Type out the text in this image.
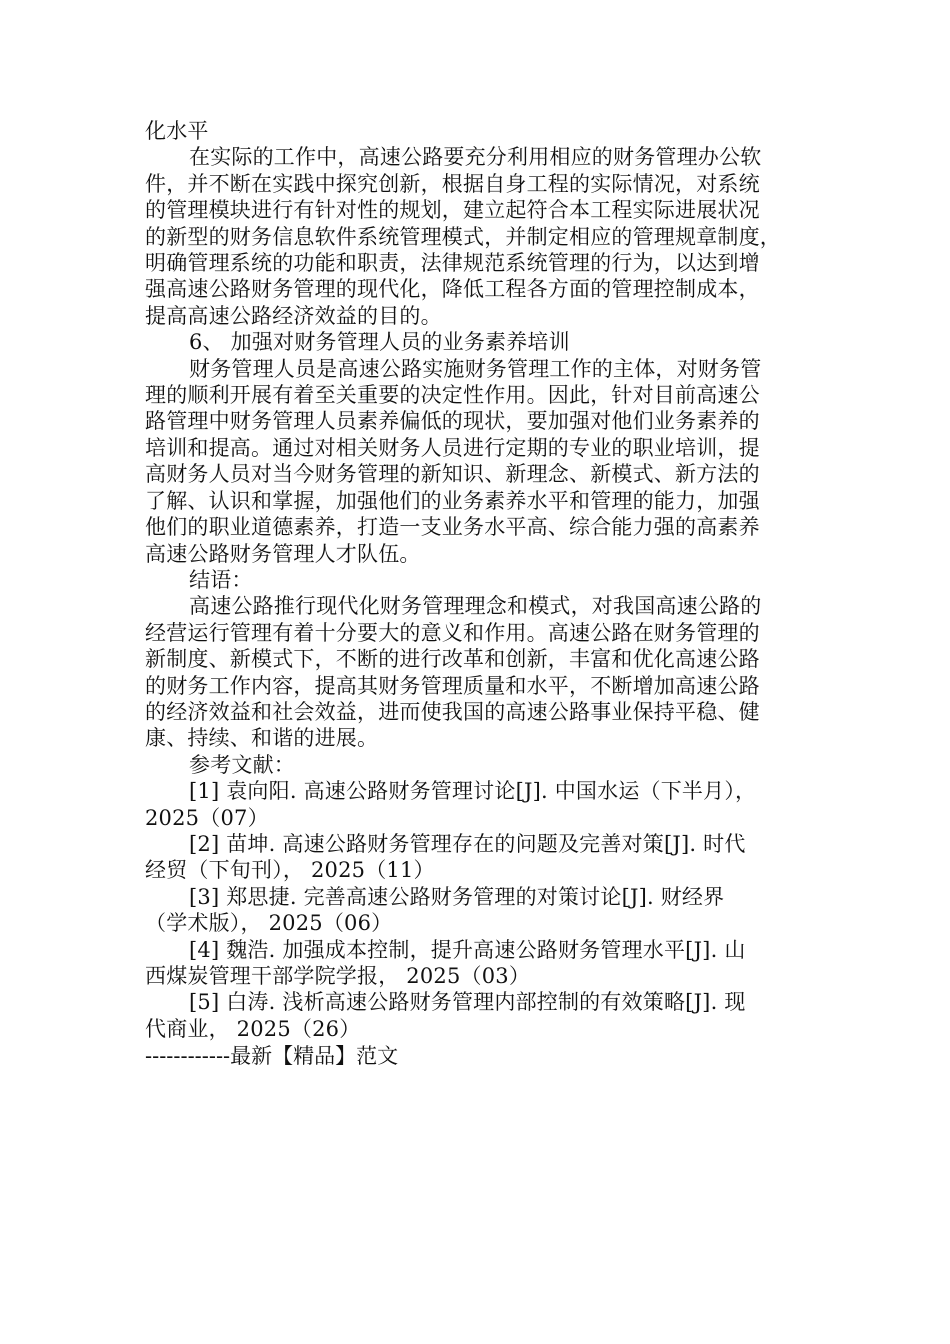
化水平
在实际的工作中，高速公路要充分利用相应的财务管理办公软
件，并不断在实践中探究创新，根据自身工程的实际情况，对系统
的管理模块进行有针对性的规划，建立起符合本工程实际进展状况
的新型的财务信息软件系统管理模式，并制定相应的管理规章制度，
明确管理系统的功能和职责，法律规范系统管理的行为，以达到增
强高速公路财务管理的现代化，降低工程各方面的管理控制成本，
提高高速公路经济效益的目的。
6、 加强对财务管理人员的业务素养培训
财务管理人员是高速公路实施财务管理工作的主体，对财务管
理的顺利开展有着至关重要的决定性作用。因此，针对目前高速公
路管理中财务管理人员素养偏低的现状，要加强对他们业务素养的
培训和提高。通过对相关财务人员进行定期的专业的职业培训，提
高财务人员对当今财务管理的新知识、新理念、新模式、新方法的
了解、认识和掌握，加强他们的业务素养水平和管理的能力，加强
他们的职业道德素养，打造一支业务水平高、综合能力强的高素养
高速公路财务管理人才队伍。
结语：
高速公路推行现代化财务管理理念和模式，对我国高速公路的
经营运行管理有着十分要大的意义和作用。高速公路在财务管理的
新制度、新模式下，不断的进行改革和创新，丰富和优化高速公路
的财务工作内容，提高其财务管理质量和水平，不断增加高速公路
的经济效益和社会效益，进而使我国的高速公路事业保持平稳、健
康、持续、和谐的进展。
参考文献：
[1] 袁向阳. 高速公路财务管理讨论[J]. 中国水运（下半月），
2025（07）
[2] 苗坤. 高速公路财务管理存在的问题及完善对策[J]. 时代
经贸（下旬刊）， 2025（11）
[3] 郑思捷. 完善高速公路财务管理的对策讨论[J]. 财经界
（学术版）， 2025（06）
[4] 魏浩. 加强成本控制，提升高速公路财务管理水平[J]. 山
西煤炭管理干部学院学报， 2025（03）
[5] 白涛. 浅析高速公路财务管理内部控制的有效策略[J]. 现
代商业， 2025（26）
------------最新【精品】范文
